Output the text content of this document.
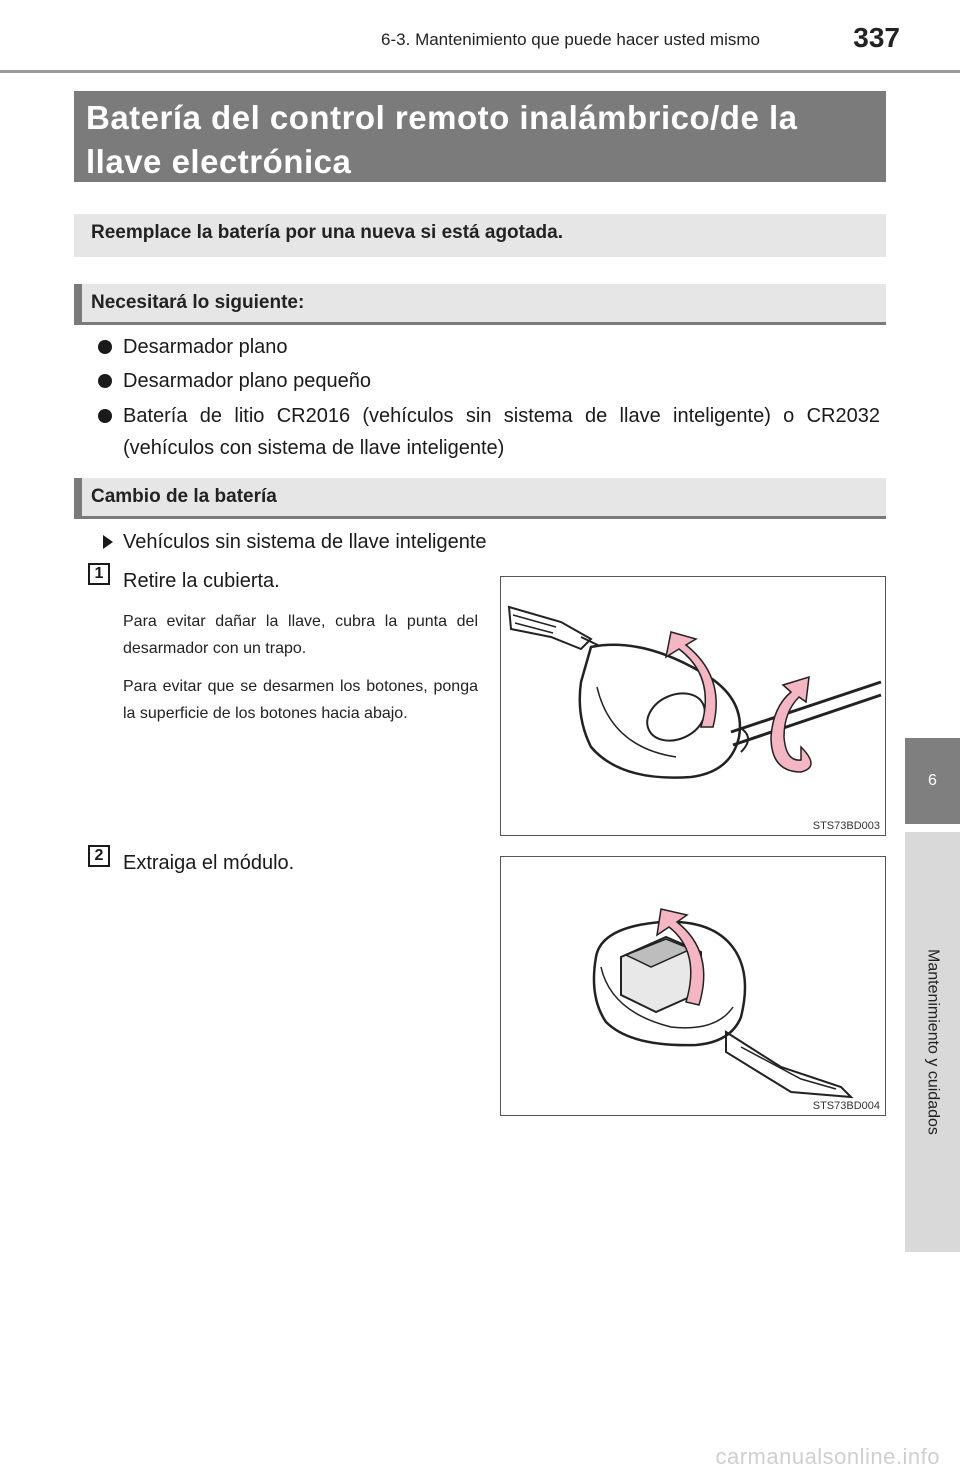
6-3. Mantenimiento que puede hacer usted mismo	337
6
Mantenimiento y cuidados
Batería del control remoto inalámbrico/de la llave electrónica
Reemplace la batería por una nueva si está agotada.
Necesitará lo siguiente:
Desarmador plano
Desarmador plano pequeño
Batería de litio CR2016 (vehículos sin sistema de llave inteligente) o CR2032 (vehículos con sistema de llave inteligente)
Cambio de la batería
Vehículos sin sistema de llave inteligente
1 Retire la cubierta.
Para evitar dañar la llave, cubra la punta del desarmador con un trapo.
Para evitar que se desarmen los botones, ponga la superficie de los botones hacia abajo.
STS73BD003
2 Extraiga el módulo.
STS73BD004
carmanualsonline.info
